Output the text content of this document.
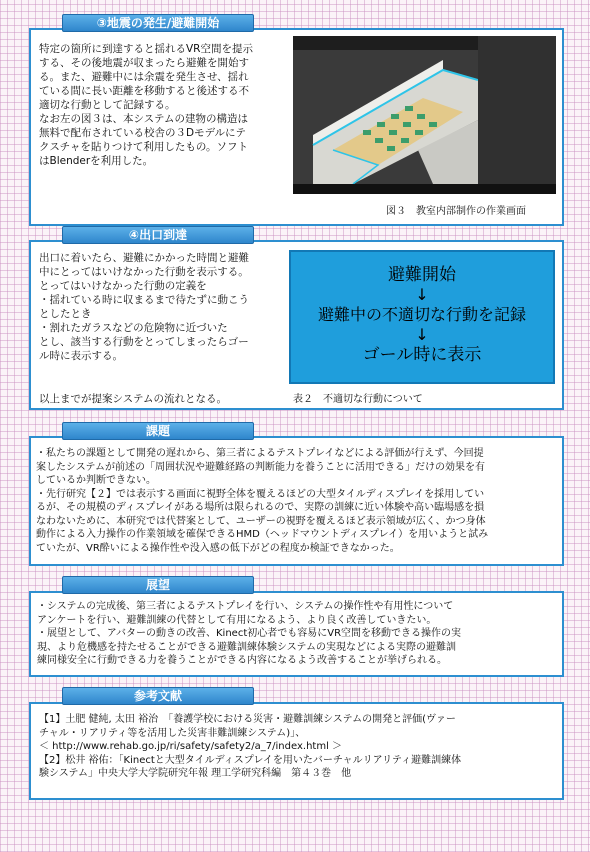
特定の箇所に到達すると揺れるVR空間を提示

する、その後地震が収まったら避難を開始す

る。また、避難中には余震を発生させ、揺れ

ている間に長い距離を移動すると後述する不

適切な行動として記録する。

なお左の図３は、本システムの建物の構造は

無料で配布されている校舎の３Dモデルにテ

クスチャを貼りつけて利用したもの。ソフト

はBlenderを利用した。

図３　教室内部制作の作業画面
③地震の発生/避難開始

出口に着いたら、避難にかかった時間と避難

中にとってはいけなかった行動を表示する。

とってはいけなかった行動の定義を

・揺れている時に収まるまで待たずに動こう

としたとき

・割れたガラスなどの危険物に近づいた

とし、該当する行動をとってしまったらゴー

ル時に表示する。

以上までが提案システムの流れとなる。

避難開始
↓
避難中の不適切な行動を記録
↓
ゴール時に表示
表２　不適切な行動について
④出口到達

・私たちの課題として開発の遅れから、第三者によるテストプレイなどによる評価が行えず、今回提

案したシステムが前述の「周囲状況や避難経路の判断能力を養うことに活用できる」だけの効果を有

しているか判断できない。

・先行研究【２】では表示する画面に視野全体を覆えるほどの大型タイルディスプレイを採用してい

るが、その規模のディスプレイがある場所は限られるので、実際の訓練に近い体験や高い臨場感を損

なわないために、本研究では代替案として、ユーザーの視野を覆えるほど表示領域が広く、かつ身体

動作による入力操作の作業領域を確保できるHMD（ヘッドマウントディスプレイ）を用いようと試み

ていたが、VR酔いによる操作性や没入感の低下がどの程度か検証できなかった。

課題

・システムの完成後、第三者によるテストプレイを行い、システムの操作性や有用性について

アンケートを行い、避難訓練の代替として有用になるよう、より良く改善していきたい。

・展望として、アバターの動きの改善、Kinect初心者でも容易にVR空間を移動できる操作の実

現、より危機感を持たせることができる避難訓練体験システムの実現などによる実際の避難訓

練同様安全に行動できる力を養うことができる内容になるよう改善することが挙げられる。

展望

【1】土肥 健純, 太田 裕治　「養護学校における災害・避難訓練システムの開発と評価(ヴァー

チャル・リアリティ等を活用した災害非難訓練システム)」、

＜ http://www.rehab.go.jp/ri/safety/safety2/a_7/index.html ＞

【2】松井 裕佑：「Kinectと大型タイルディスプレイを用いたバーチャルリアリティ避難訓練体

験システム」中央大学大学院研究年報 理工学研究科編　第４３巻　他

参考文献
